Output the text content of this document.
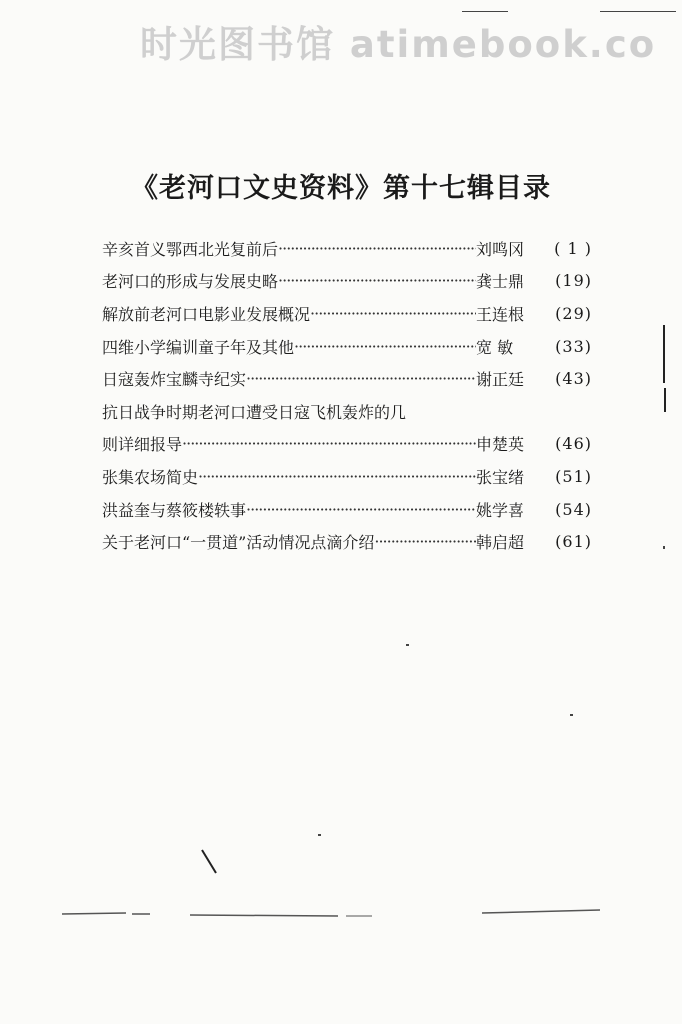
时光图书馆 atimebook.co
《老河口文史资料》第十七辑目录
辛亥首义鄂西北光复前后 ·····	刘鸣冈	( 1 )
老河口的形成与发展史略 ·····	龚士鼎	(19)
解放前老河口电影业发展概况 ·····	王连根	(29)
四维小学编训童子年及其他 ·····	宽 敏	(33)
日寇轰炸宝麟寺纪实 ·····	谢正廷	(43)
抗日战争时期老河口遭受日寇飞机轰炸的几
则详细报导 ·····	申楚英	(46)
张集农场简史 ·····	张宝绪	(51)
洪益奎与蔡筱楼轶事 ·····	姚学喜	(54)
关于老河口“一贯道”活动情况点滴介绍 ·····	韩启超	(61)
